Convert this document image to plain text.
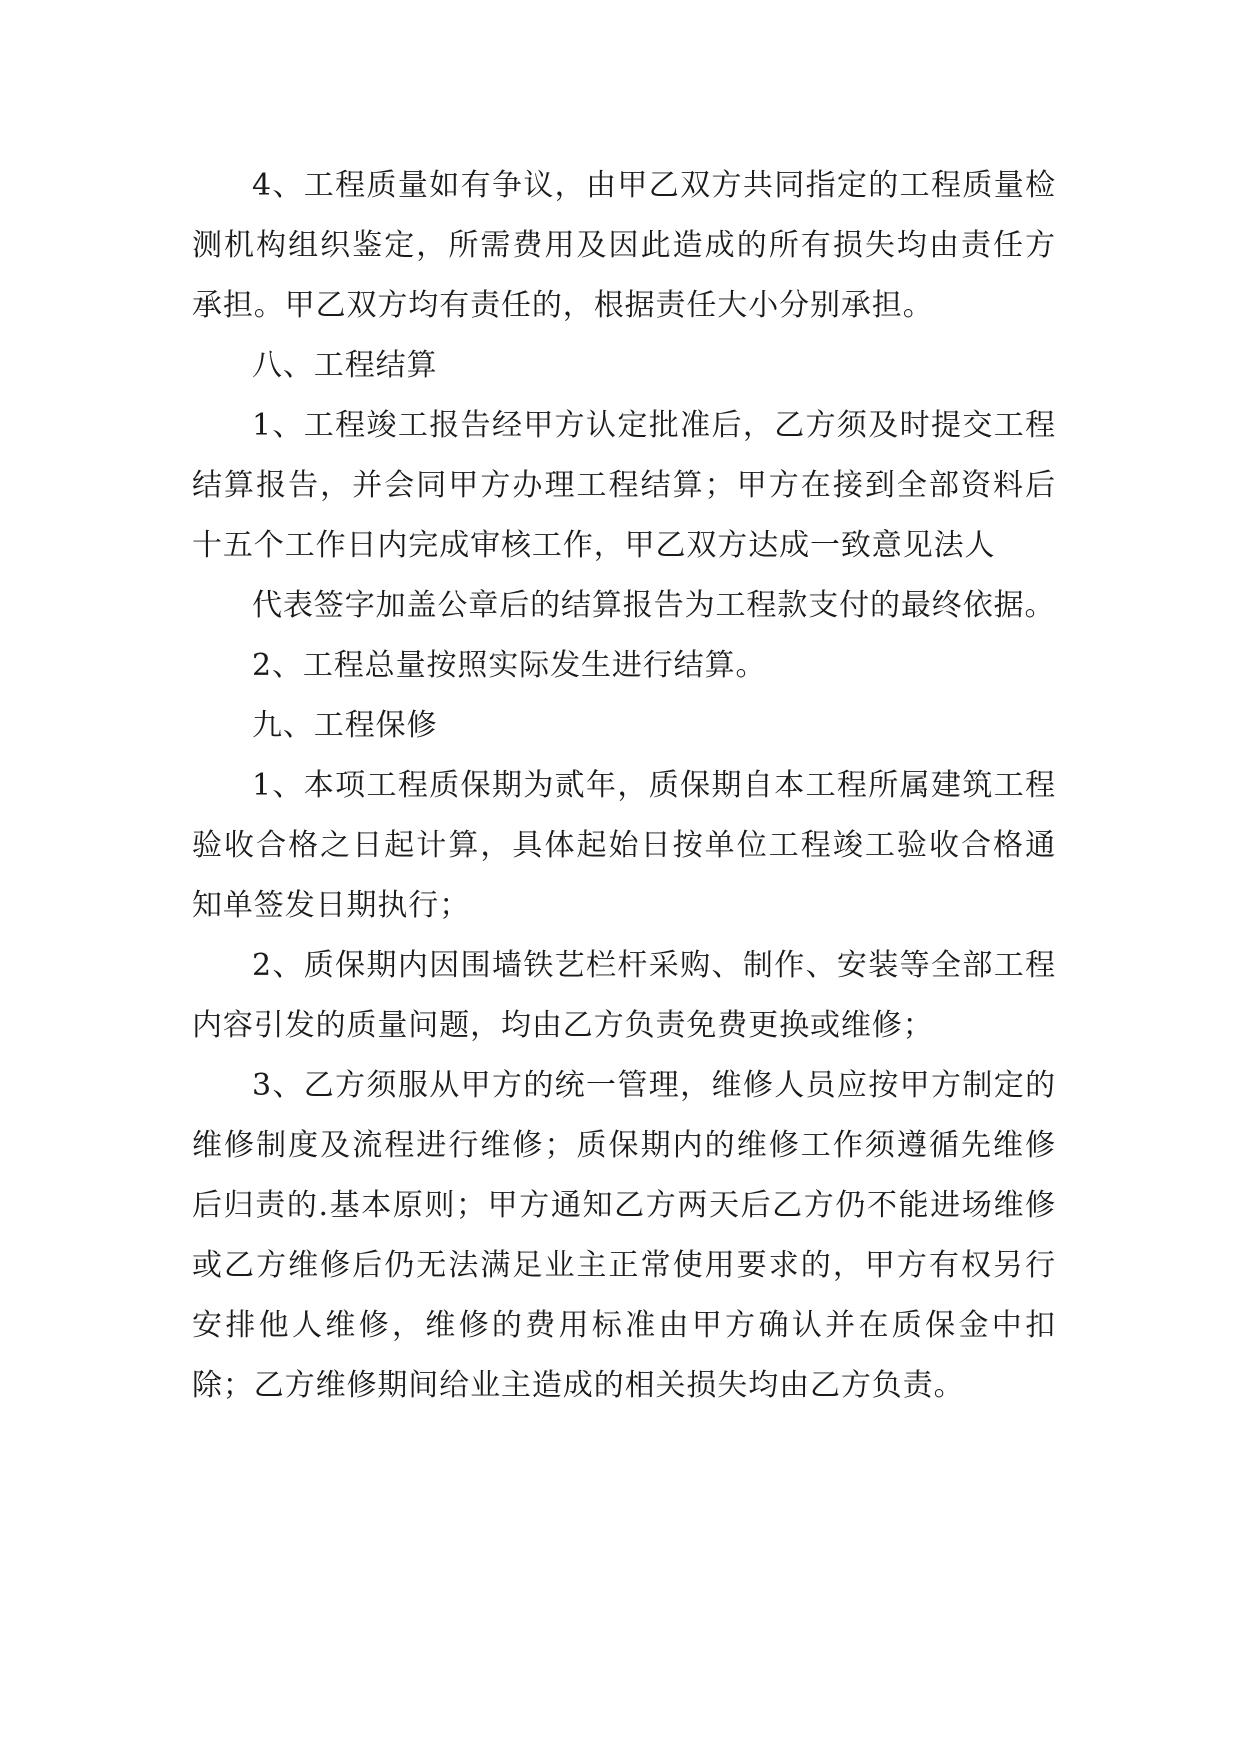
4、工程质量如有争议，由甲乙双方共同指定的工程质量检测机构组织鉴定，所需费用及因此造成的所有损失均由责任方承担。甲乙双方均有责任的，根据责任大小分别承担。

八、工程结算

1、工程竣工报告经甲方认定批准后，乙方须及时提交工程结算报告，并会同甲方办理工程结算；甲方在接到全部资料后十五个工作日内完成审核工作，甲乙双方达成一致意见法人

代表签字加盖公章后的结算报告为工程款支付的最终依据。

2、工程总量按照实际发生进行结算。

九、工程保修

1、本项工程质保期为贰年，质保期自本工程所属建筑工程验收合格之日起计算，具体起始日按单位工程竣工验收合格通知单签发日期执行；

2、质保期内因围墙铁艺栏杆采购、制作、安装等全部工程内容引发的质量问题，均由乙方负责免费更换或维修；

3、乙方须服从甲方的统一管理，维修人员应按甲方制定的维修制度及流程进行维修；质保期内的维修工作须遵循先维修后归责的.基本原则；甲方通知乙方两天后乙方仍不能进场维修或乙方维修后仍无法满足业主正常使用要求的，甲方有权另行安排他人维修，维修的费用标准由甲方确认并在质保金中扣除；乙方维修期间给业主造成的相关损失均由乙方负责。
